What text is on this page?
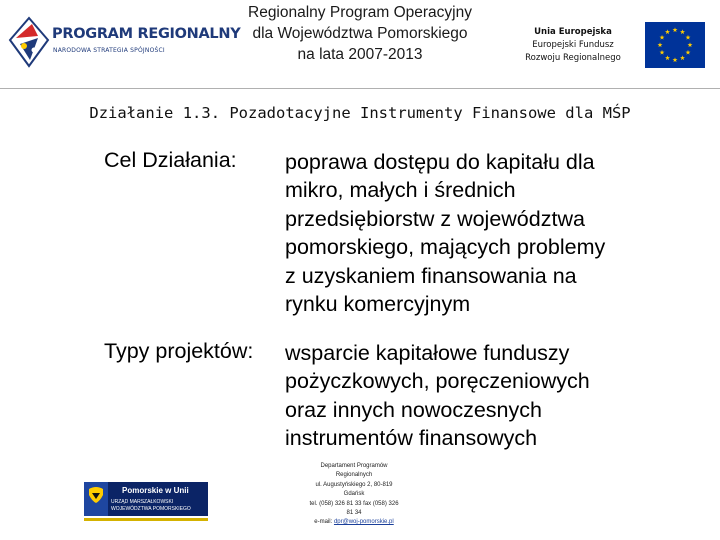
PROGRAM REGIONALNY
NARODOWA STRATEGIA SPÓJNOŚCI
Regionalny Program Operacyjny
dla Województwa Pomorskiego
na lata 2007-2013
Unia Europejska
Europejski Fundusz
Rozwoju Regionalnego
Działanie 1.3. Pozadotacyjne Instrumenty Finansowe dla MŚP
Cel Działania: poprawa dostępu do kapitału dla
mikro, małych i średnich
przedsiębiorstw z województwa
pomorskiego, mających problemy
z uzyskaniem finansowania na
rynku komercyjnym
Typy projektów: wsparcie kapitałowe funduszy
pożyczkowych, poręczeniowych
oraz innych nowoczesnych
instrumentów finansowych
Pomorskie w Unii
URZĄD MARSZAŁKOWSKI
WOJEWÓDZTWA POMORSKIEGO
Departament Programów
Regionalnych
ul. Augustyńskiego 2, 80-819
Gdańsk
tel. (058) 326 81 33 fax (058) 326
81 34
e-mail: dpr@woj-pomorskie.pl
